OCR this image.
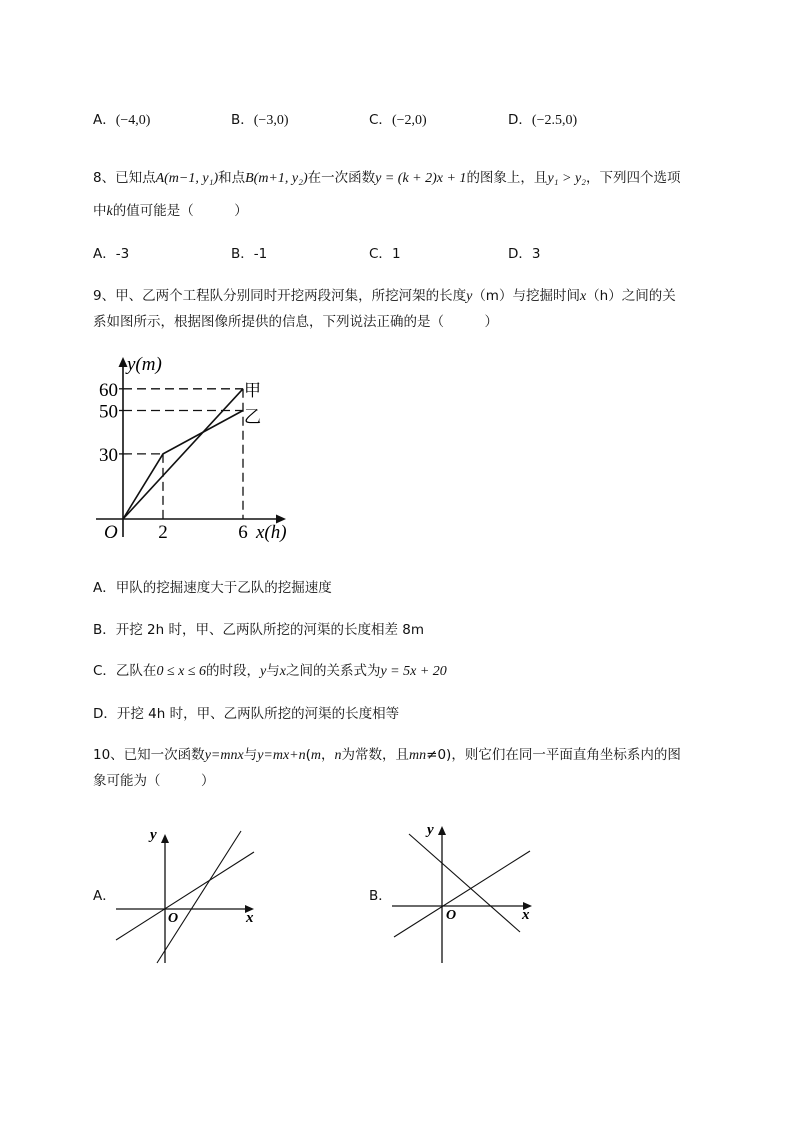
A．(−4,0)	B．(−3,0)	C．(−2,0)	D．(−2.5,0)
8、已知点A(m−1, y₁)和点B(m+1, y₂)在一次函数y = (k + 2)x + 1的图象上，且y₁ > y₂，下列四个选项
中k的值可能是（　　　）
A．-3	B．-1	C．1	D．3
9、甲、乙两个工程队分别同时开挖两段河集，所挖河架的长度y（m）与挖掘时间x（h）之间的关
系如图所示，根据图像所提供的信息，下列说法正确的是（　　　）
甲
乙
30
50
60
2	6
O	x(h)
y(m)
A．甲队的挖掘速度大于乙队的挖掘速度
B．开挖 2h 时，甲、乙两队所挖的河渠的长度相差 8m
C．乙队在0 ≤ x ≤ 6的时段，y与x之间的关系式为y = 5x + 20
D．开挖 4h 时，甲、乙两队所挖的河渠的长度相等
10、已知一次函数y=mnx与y=mx+n(m，n为常数，且mn≠0)，则它们在同一平面直角坐标系内的图
象可能为（　　　）
A．
y
x
O
B．
y
x
O
